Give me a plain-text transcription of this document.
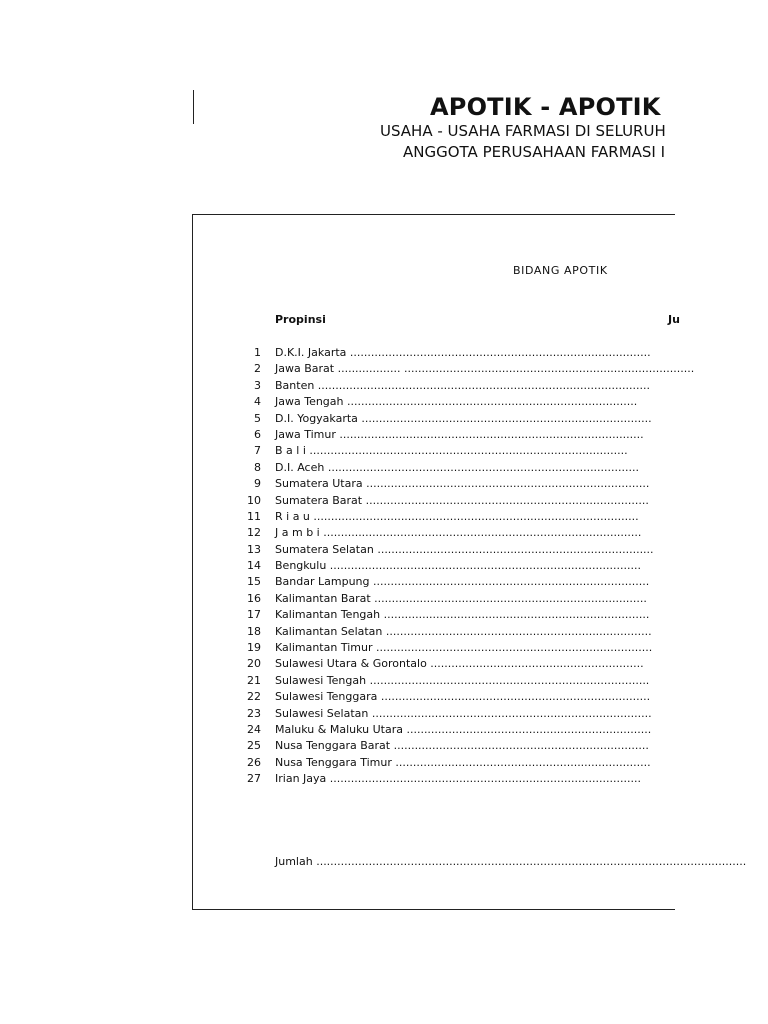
APOTIK - APOTIK
USAHA - USAHA FARMASI DI SELURUH
ANGGOTA PERUSAHAAN FARMASI I
BIDANG APOTIK
Propinsi	Ju
1 D.K.I. Jakarta ......................................................................................
2 Jawa Barat .................. ...................................................................................
3 Banten ...............................................................................................
4 Jawa Tengah ...................................................................................
5 D.I. Yogyakarta ...................................................................................
6 Jawa Timur .......................................................................................
7 B a l i ...........................................................................................
8 D.I. Aceh .........................................................................................
9 Sumatera Utara .................................................................................
10 Sumatera Barat .................................................................................
11 R i a u .............................................................................................
12 J a m b i ...........................................................................................
13 Sumatera Selatan ...............................................................................
14 Bengkulu .........................................................................................
15 Bandar Lampung ...............................................................................
16 Kalimantan Barat ..............................................................................
17 Kalimantan Tengah ............................................................................
18 Kalimantan Selatan ............................................................................
19 Kalimantan Timur ...............................................................................
20 Sulawesi Utara & Gorontalo .............................................................
21 Sulawesi Tengah ................................................................................
22 Sulawesi Tenggara .............................................................................
23 Sulawesi Selatan ................................................................................
24 Maluku & Maluku Utara ......................................................................
25 Nusa Tenggara Barat .........................................................................
26 Nusa Tenggara Timur .........................................................................
27 Irian Jaya .........................................................................................
Jumlah ...........................................................................................................................
